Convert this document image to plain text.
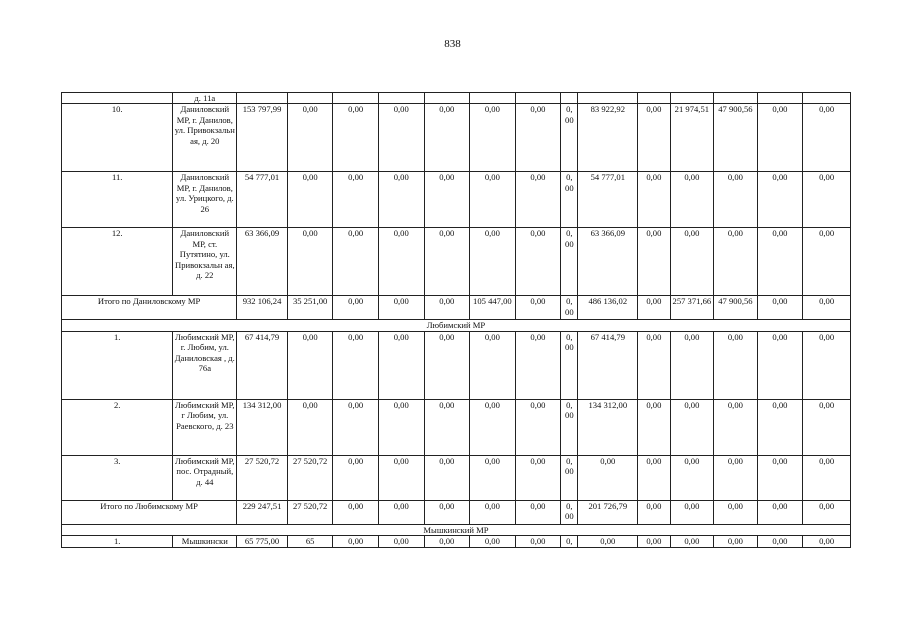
838
	д. 11а														
10.	Даниловский МР, г. Данилов, ул. Привокзальн ая, д. 20	153 797,99	0,00	0,00	0,00	0,00	0,00	0,00	0, 00	83 922,92	0,00	21 974,51	47 900,56	0,00	0,00
11.	Даниловский МР, г. Данилов, ул. Урицкого, д. 26	54 777,01	0,00	0,00	0,00	0,00	0,00	0,00	0, 00	54 777,01	0,00	0,00	0,00	0,00	0,00
12.	Даниловский МР, ст. Путятино, ул. Привокзальн ая, д. 22	63 366,09	0,00	0,00	0,00	0,00	0,00	0,00	0, 00	63 366,09	0,00	0,00	0,00	0,00	0,00
Итого по Даниловскому МР		932 106,24	35 251,00	0,00	0,00	0,00	105 447,00	0,00	0, 00	486 136,02	0,00	257 371,66	47 900,56	0,00	0,00
Любимский МР															
1.	Любимский МР, г. Любим, ул. Даниловская , д. 76а	67 414,79	0,00	0,00	0,00	0,00	0,00	0,00	0, 00	67 414,79	0,00	0,00	0,00	0,00	0,00
2.	Любимский МР, г Любим, ул. Раевского, д. 23	134 312,00	0,00	0,00	0,00	0,00	0,00	0,00	0, 00	134 312,00	0,00	0,00	0,00	0,00	0,00
3.	Любимский МР, пос. Отрадный, д. 44	27 520,72	27 520,72	0,00	0,00	0,00	0,00	0,00	0, 00	0,00	0,00	0,00	0,00	0,00	0,00
Итого по Любимскому МР		229 247,51	27 520,72	0,00	0,00	0,00	0,00	0,00	0, 00	201 726,79	0,00	0,00	0,00	0,00	0,00
Мышкинский МР															
1.	Мышкински	65 775,00	65	0,00	0,00	0,00	0,00	0,00	0,	0,00	0,00	0,00	0,00	0,00	0,00
